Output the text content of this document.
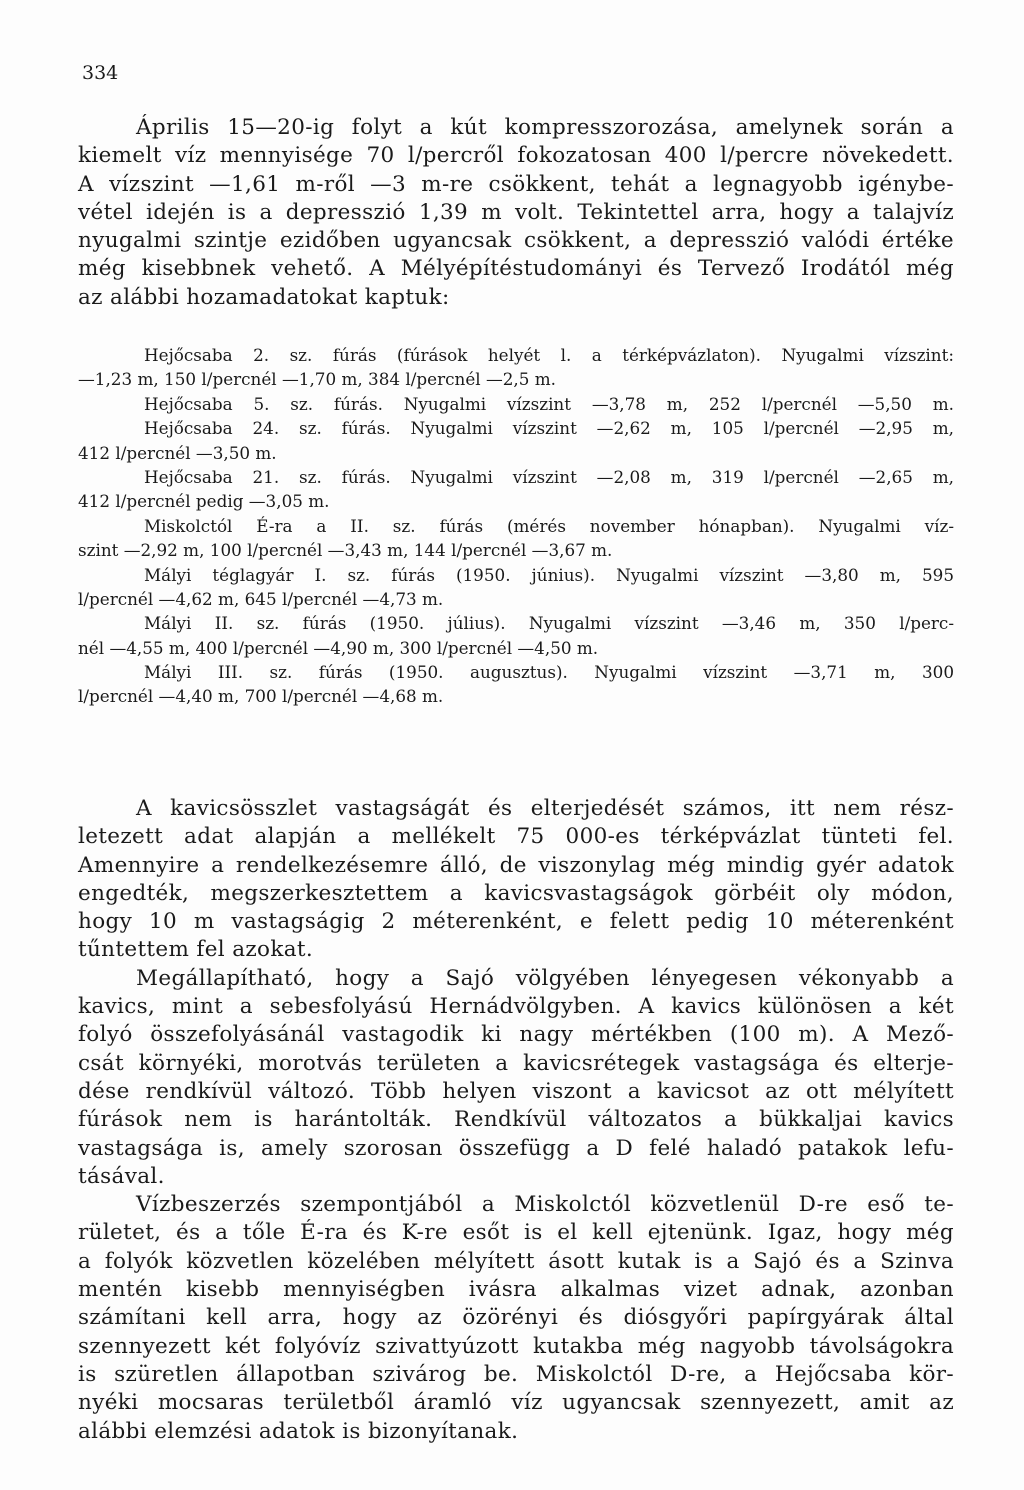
334
Április 15—20-ig folyt a kút kompresszorozása, amelynek során a
kiemelt víz mennyisége 70 l/percről fokozatosan 400 l/percre növekedett.
A vízszint —1,61 m-ről —3 m-re csökkent, tehát a legnagyobb igénybe-
vétel idején is a depresszió 1,39 m volt. Tekintettel arra, hogy a talajvíz
nyugalmi szintje ezidőben ugyancsak csökkent, a depresszió valódi értéke
még kisebbnek vehető. A Mélyépítéstudományi és Tervező Irodától még
az alábbi hozamadatokat kaptuk:
Hejőcsaba 2. sz. fúrás (fúrások helyét l. a térképvázlaton). Nyugalmi vízszint:
—1,23 m, 150 l/percnél —1,70 m, 384 l/percnél —2,5 m.
Hejőcsaba 5. sz. fúrás. Nyugalmi vízszint —3,78 m, 252 l/percnél —5,50 m.
Hejőcsaba 24. sz. fúrás. Nyugalmi vízszint —2,62 m, 105 l/percnél —2,95 m,
412 l/percnél —3,50 m.
Hejőcsaba 21. sz. fúrás. Nyugalmi vízszint —2,08 m, 319 l/percnél —2,65 m,
412 l/percnél pedig —3,05 m.
Miskolctól É-ra a II. sz. fúrás (mérés november hónapban). Nyugalmi víz-
szint —2,92 m, 100 l/percnél —3,43 m, 144 l/percnél —3,67 m.
Mályi téglagyár I. sz. fúrás (1950. június). Nyugalmi vízszint —3,80 m, 595
l/percnél —4,62 m, 645 l/percnél —4,73 m.
Mályi II. sz. fúrás (1950. július). Nyugalmi vízszint —3,46 m, 350 l/perc-
nél —4,55 m, 400 l/percnél —4,90 m, 300 l/percnél —4,50 m.
Mályi III. sz. fúrás (1950. augusztus). Nyugalmi vízszint —3,71 m, 300
l/percnél —4,40 m, 700 l/percnél —4,68 m.
A kavicsösszlet vastagságát és elterjedését számos, itt nem rész-
letezett adat alapján a mellékelt 75 000-es térképvázlat tünteti fel.
Amennyire a rendelkezésemre álló, de viszonylag még mindig gyér adatok
engedték, megszerkesztettem a kavicsvastagságok görbéit oly módon,
hogy 10 m vastagságig 2 méterenként, e felett pedig 10 méterenként
tűntettem fel azokat.
Megállapítható, hogy a Sajó völgyében lényegesen vékonyabb a
kavics, mint a sebesfolyású Hernádvölgyben. A kavics különösen a két
folyó összefolyásánál vastagodik ki nagy mértékben (100 m). A Mező-
csát környéki, morotvás területen a kavicsrétegek vastagsága és elterje-
dése rendkívül változó. Több helyen viszont a kavicsot az ott mélyített
fúrások nem is harántolták. Rendkívül változatos a bükkaljai kavics
vastagsága is, amely szorosan összefügg a D felé haladó patakok lefu-
tásával.
Vízbeszerzés szempontjából a Miskolctól közvetlenül D-re eső te-
rületet, és a tőle É-ra és K-re esőt is el kell ejtenünk. Igaz, hogy még
a folyók közvetlen közelében mélyített ásott kutak is a Sajó és a Szinva
mentén kisebb mennyiségben ivásra alkalmas vizet adnak, azonban
számítani kell arra, hogy az özörényi és diósgyőri papírgyárak által
szennyezett két folyóvíz szivattyúzott kutakba még nagyobb távolságokra
is szüretlen állapotban szivárog be. Miskolctól D-re, a Hejőcsaba kör-
nyéki mocsaras területből áramló víz ugyancsak szennyezett, amit az
alábbi elemzési adatok is bizonyítanak.
